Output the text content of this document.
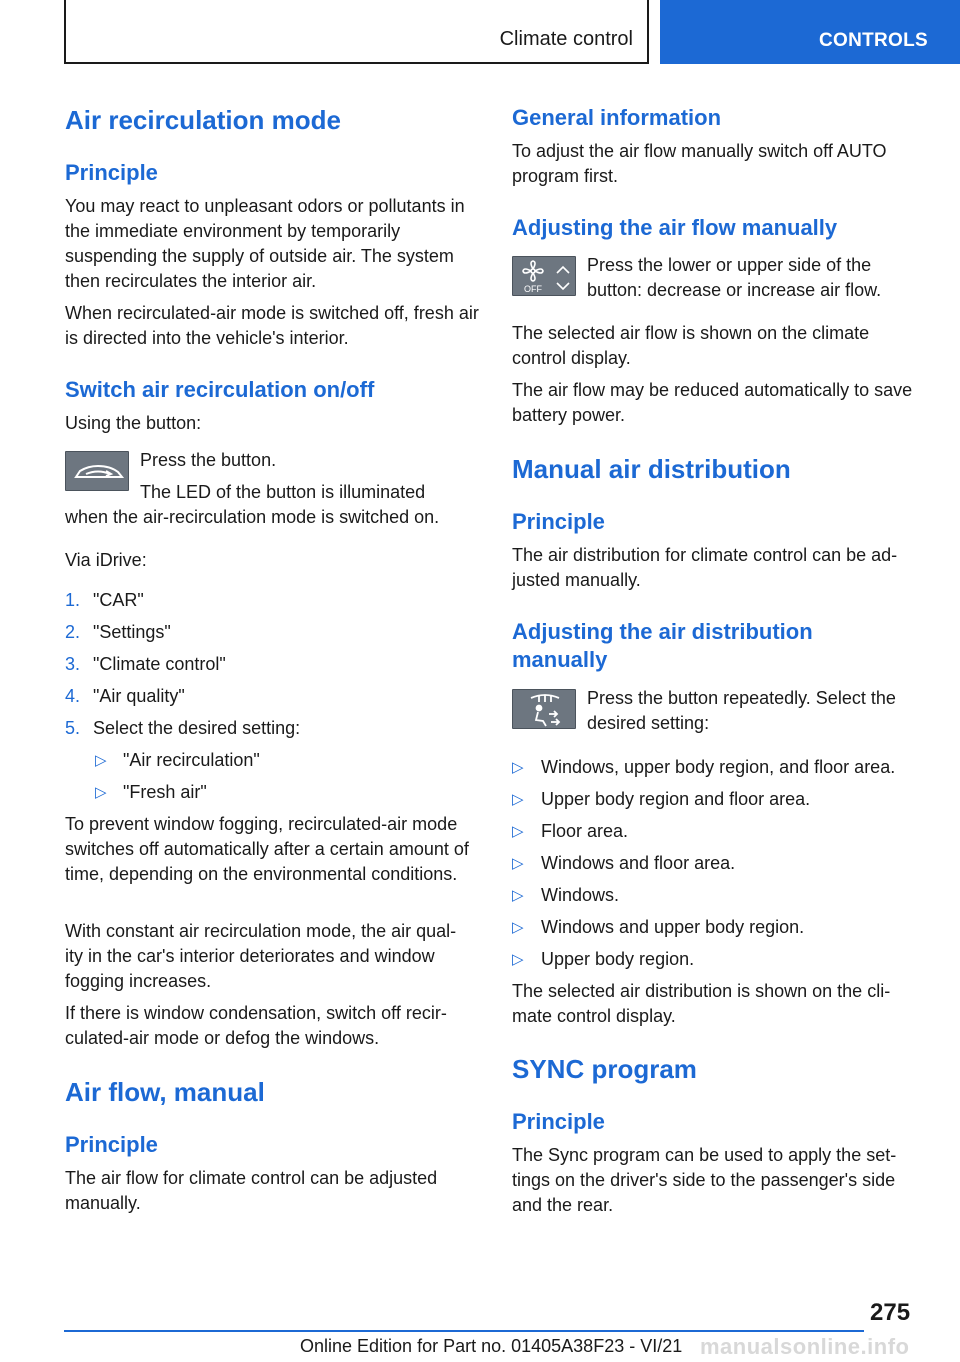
Climate control	CONTROLS
Air recirculation mode
Principle
You may react to unpleasant odors or pollutants in the immediate environment by temporarily suspending the supply of outside air. The system then recirculates the interior air.
When recirculated-air mode is switched off, fresh air is directed into the vehicle's interior.
Switch air recirculation on/off
Using the button:
Press the button.
The LED of the button is illuminated
when the air-recirculation mode is switched on.
Via iDrive:
1. "CAR"
2. "Settings"
3. "Climate control"
4. "Air quality"
5. Select the desired setting:
▷ "Air recirculation"
▷ "Fresh air"
To prevent window fogging, recirculated-air mode switches off automatically after a certain amount of time, depending on the environmental conditions.
With constant air recirculation mode, the air qual‐
ity in the car's interior deteriorates and window fogging increases.
If there is window condensation, switch off recir‐
culated-air mode or defog the windows.
Air flow, manual
Principle
The air flow for climate control can be adjusted manually.
General information
To adjust the air flow manually switch off AUTO program first.
Adjusting the air flow manually
OFF
Press the lower or upper side of the button: decrease or increase air flow.
The selected air flow is shown on the climate control display.
The air flow may be reduced automatically to save battery power.
Manual air distribution
Principle
The air distribution for climate control can be ad‐
justed manually.
Adjusting the air distribution
manually
Press the button repeatedly. Select the desired setting:
▷ Windows, upper body region, and floor area.
▷ Upper body region and floor area.
▷ Floor area.
▷ Windows and floor area.
▷ Windows.
▷ Windows and upper body region.
▷ Upper body region.
The selected air distribution is shown on the cli‐
mate control display.
SYNC program
Principle
The Sync program can be used to apply the set‐
tings on the driver's side to the passenger's side and the rear.
275
Online Edition for Part no. 01405A38F23 - VI/21 manualsonline.info
